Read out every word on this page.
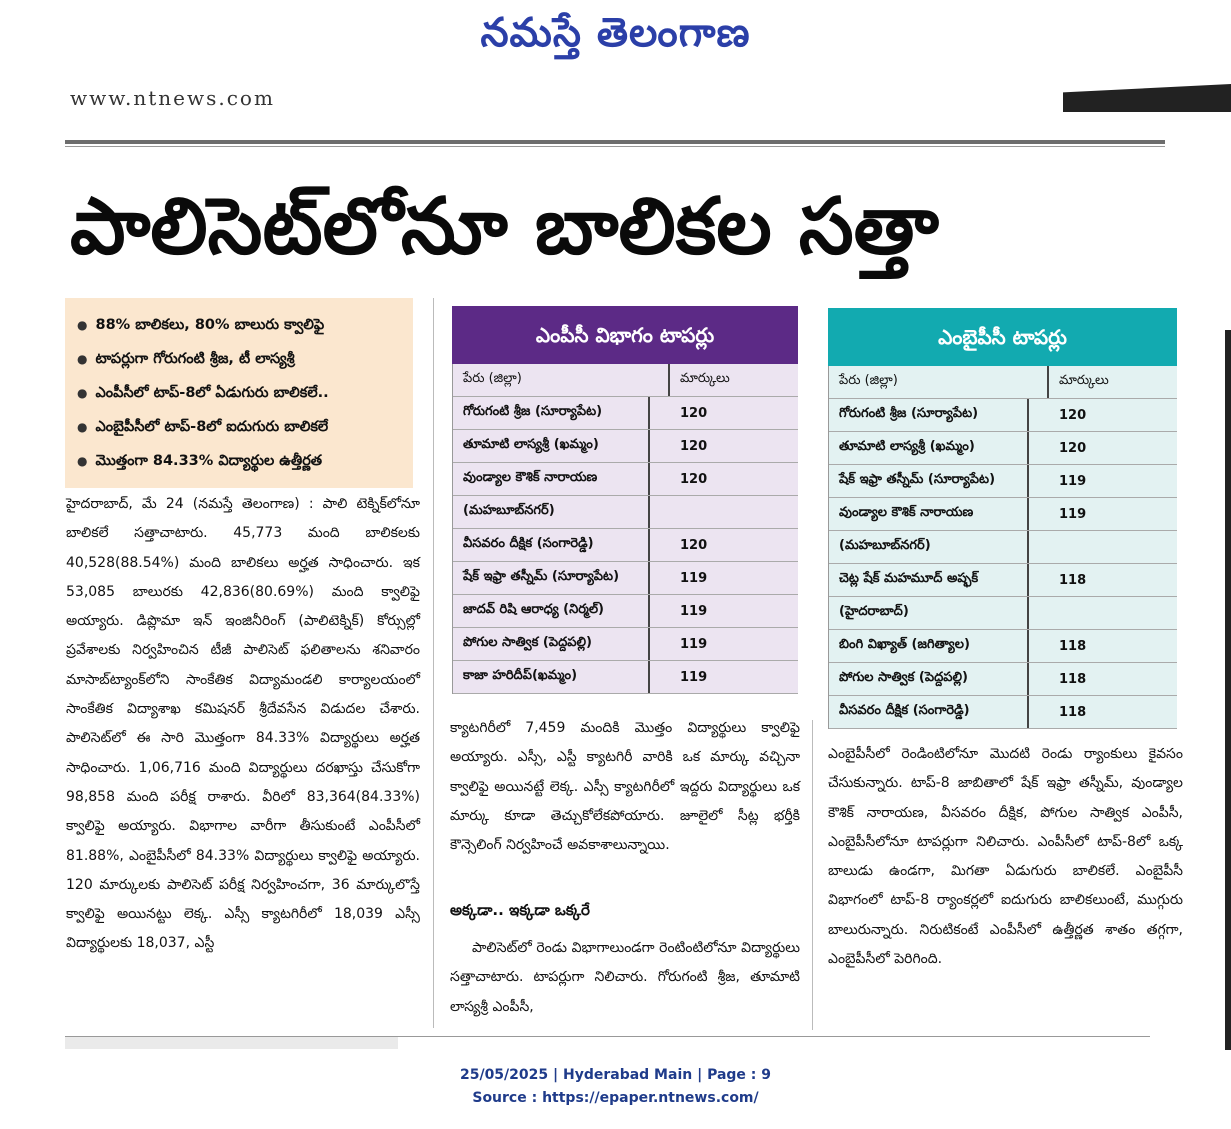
నమస్తే తెలంగాణ
www.ntnews.com
పాలిసెట్‌లోనూ బాలికల సత్తా
● 88% బాలికలు, 80% బాలురు క్వాలిఫై
● టాపర్లుగా గోరుగంటి శ్రీజ, టీ లాస్యశ్రీ
● ఎంపీసీలో టాప్‌-8లో ఏడుగురు బాలికలే..
● ఎంబైపీసీలో టాప్‌-8లో ఐదుగురు బాలికలే
● మొత్తంగా 84.33% విద్యార్థుల ఉత్తీర్ణత
హైదరాబాద్‌, మే 24 (నమస్తే తెలంగాణ) : పాలి టెక్నిక్‌లోనూ బాలికలే సత్తాచాటారు. 45,773 మంది బాలికలకు 40,528(88.54%) మంది బాలికలు అర్హత సాధించారు. ఇక 53,085 బాలురకు 42,836(80.69%) మంది క్వాలిఫై అయ్యారు. డిప్లొమా ఇన్‌ ఇంజినీరింగ్‌ (పాలిటెక్నిక్‌) కోర్సుల్లో ప్రవేశాలకు నిర్వహించిన టీజీ పాలిసెట్‌ ఫలితాలను శనివారం మాసాబ్‌ట్యాంక్‌లోని సాంకేతిక విద్యామండలి కార్యాలయంలో సాంకేతిక విద్యాశాఖ కమిషనర్‌ శ్రీదేవసేన విడుదల చేశారు. పాలిసెట్‌లో ఈ సారి మొత్తంగా 84.33% విద్యార్థులు అర్హత సాధించారు. 1,06,716 మంది విద్యార్థులు దరఖాస్తు చేసుకోగా 98,858 మంది పరీక్ష రాశారు. వీరిలో 83,364(84.33%) క్వాలిఫై అయ్యారు. విభాగాల వారీగా తీసుకుంటే ఎంపీసీలో 81.88%, ఎంబైపీసీలో 84.33% విద్యార్థులు క్వాలిఫై అయ్యారు. 120 మార్కులకు పాలిసెట్‌ పరీక్ష నిర్వహించగా, 36 మార్కులొస్తే క్వాలిఫై అయినట్టు లెక్క. ఎస్సీ క్యాటగిరీలో 18,039 ఎస్సీ విద్యార్థులకు 18,037, ఎస్టీ
ఎంపీసీ విభాగం టాపర్లు
పేరు (జిల్లా)	మార్కులు
గోరుగంటి శ్రీజ (సూర్యాపేట)	120
తూమాటి లాస్యశ్రీ (ఖమ్మం)	120
వుండ్యాల కౌశిక్‌ నారాయణ	120
(మహబూబ్‌నగర్‌)
వీసవరం దీక్షిక (సంగారెడ్డి)	120
షేక్‌ ఇఫ్రా తస్నీమ్‌ (సూర్యాపేట)	119
జాదవ్‌ రిషి ఆరాధ్య (నిర్మల్‌)	119
పోగుల సాత్విక (పెద్దపల్లి)	119
కాజా హరిదీప్‌(ఖమ్మం)	119
ఎంబైపీసీ టాపర్లు
పేరు (జిల్లా)	మార్కులు
గోరుగంటి శ్రీజ (సూర్యాపేట)	120
తూమాటి లాస్యశ్రీ (ఖమ్మం)	120
షేక్‌ ఇఫ్రా తస్నీమ్‌ (సూర్యాపేట)	119
వుండ్యాల కౌశిక్‌ నారాయణ	119
(మహబూబ్‌నగర్‌)
చెట్ల షేక్‌ మహమూద్‌ అష్ఫక్‌	118
(హైదరాబాద్‌)
బింగి విఖ్యాత్‌ (జగిత్యాల)	118
పోగుల సాత్విక (పెద్దపల్లి)	118
వీసవరం దీక్షిక (సంగారెడ్డి)	118
క్యాటగిరీలో 7,459 మందికి మొత్తం విద్యార్థులు క్వాలిఫై అయ్యారు. ఎస్సీ, ఎస్టీ క్యాటగిరీ వారికి ఒక మార్కు వచ్చినా క్వాలిఫై అయినట్టే లెక్క. ఎస్సీ క్యాటగిరీలో ఇద్దరు విద్యార్థులు ఒక మార్కు కూడా తెచ్చుకోలేకపోయారు. జూలైలో సీట్ల భర్తీకి కౌన్సెలింగ్‌ నిర్వహించే అవకాశాలున్నాయి.
అక్కడా.. ఇక్కడా ఒక్కరే
పాలిసెట్‌లో రెండు విభాగాలుండగా రెంటింటిలోనూ విద్యార్థులు సత్తాచాటారు. టాపర్లుగా నిలిచారు. గోరుగంటి శ్రీజ, తూమాటి లాస్యశ్రీ ఎంపీసీ,
ఎంబైపీసీలో రెండింటిలోనూ మొదటి రెండు ర్యాంకులు కైవసం చేసుకున్నారు. టాప్‌-8 జాబితాలో షేక్‌ ఇఫ్రా తస్నీమ్‌, వుండ్యాల కౌశిక్‌ నారాయణ, వీసవరం దీక్షిక, పోగుల సాత్విక ఎంపీసీ, ఎంబైపీసీలోనూ టాపర్లుగా నిలిచారు. ఎంపీసీలో టాప్‌-8లో ఒక్క బాలుడు ఉండగా, మిగతా ఏడుగురు బాలికలే. ఎంబైపీసీ విభాగంలో టాప్‌-8 ర్యాంకర్లలో ఐదుగురు బాలికలుంటే, ముగ్గురు బాలురున్నారు. నిరుటికంటే ఎంపీసీలో ఉత్తీర్ణత శాతం తగ్గగా, ఎంబైపీసీలో పెరిగింది.
25/05/2025 | Hyderabad Main | Page : 9
Source : https://epaper.ntnews.com/
